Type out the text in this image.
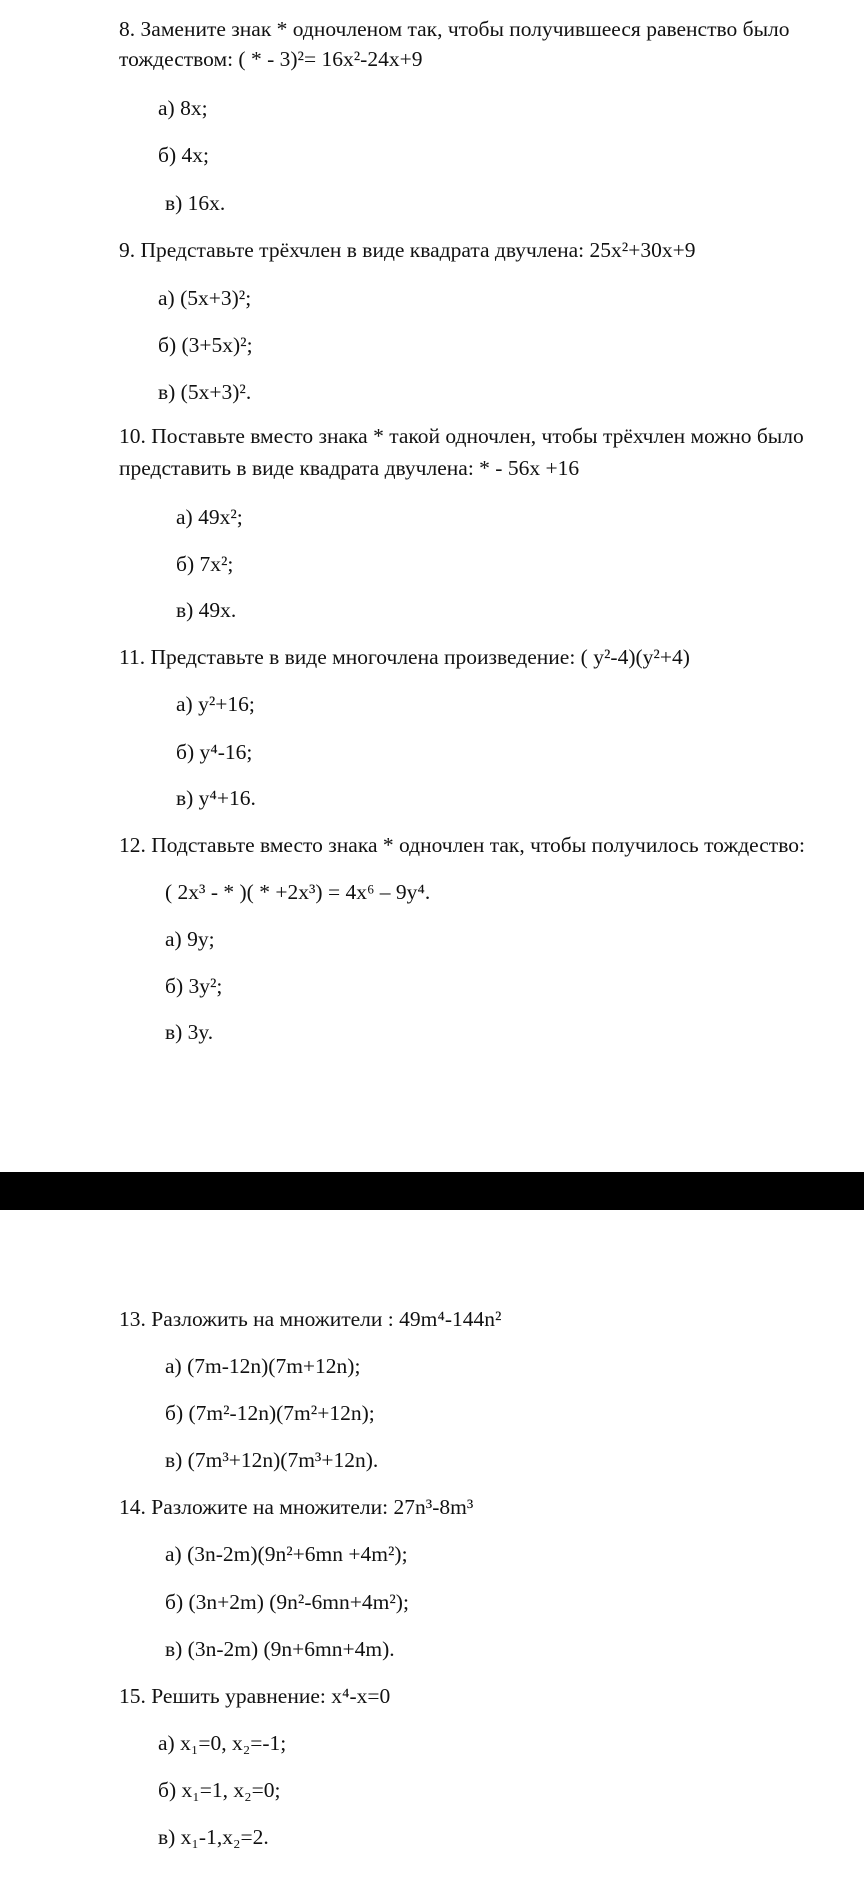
8. Замените знак * одночленом так, чтобы получившееся равенство было

тождеством: ( * - 3)²= 16x²-24x+9

а) 8x;

б) 4x;

в) 16x.

9. Представьте трёхчлен в виде квадрата двучлена: 25x²+30x+9

а) (5x+3)²;

б) (3+5x)²;

в) (5x+3)².

10. Поставьте вместо знака * такой одночлен, чтобы трёхчлен можно было

представить в виде квадрата двучлена: * - 56x +16

а) 49x²;

б) 7x²;

в) 49x.

11. Представьте в виде многочлена произведение: ( y²-4)(y²+4)

а) y²+16;

б) y⁴-16;

в) y⁴+16.

12. Подставьте вместо знака * одночлен так, чтобы получилось тождество:

( 2x³ - * )( * +2x³) = 4x⁶ – 9y⁴.

а) 9y;

б) 3y²;

в) 3y.

13. Разложить на множители : 49m⁴-144n²

а) (7m-12n)(7m+12n);

б) (7m²-12n)(7m²+12n);

в) (7m³+12n)(7m³+12n).

14. Разложите на множители: 27n³-8m³

а) (3n-2m)(9n²+6mn +4m²);

б) (3n+2m) (9n²-6mn+4m²);

в) (3n-2m) (9n+6mn+4m).

15. Решить уравнение: x⁴-x=0

а) x₁=0, x₂=-1;

б) x₁=1, x₂=0;

в) x₁-1,x₂=2.
